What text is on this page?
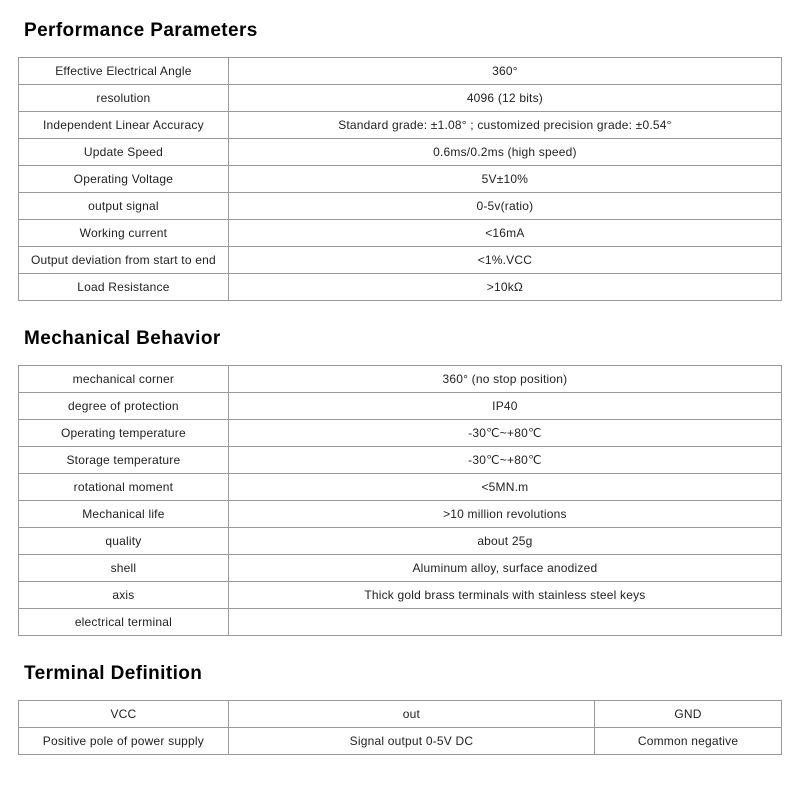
Performance Parameters
Effective Electrical Angle	360°
resolution	4096 (12 bits)
Independent Linear Accuracy	Standard grade: ±1.08° ; customized precision grade: ±0.54°
Update Speed	0.6ms/0.2ms (high speed)
Operating Voltage	5V±10%
output signal	0-5v(ratio)
Working current	<16mA
Output deviation from start to end	<1%.VCC
Load Resistance	>10kΩ
Mechanical Behavior
mechanical corner	360° (no stop position)
degree of protection	IP40
Operating temperature	-30℃~+80℃
Storage temperature	-30℃~+80℃
rotational moment	<5MN.m
Mechanical life	>10 million revolutions
quality	about 25g
shell	Aluminum alloy, surface anodized
axis	Thick gold brass terminals with stainless steel keys
electrical terminal	
Terminal Definition
VCC	out	GND
Positive pole of power supply	Signal output 0-5V DC	Common negative
